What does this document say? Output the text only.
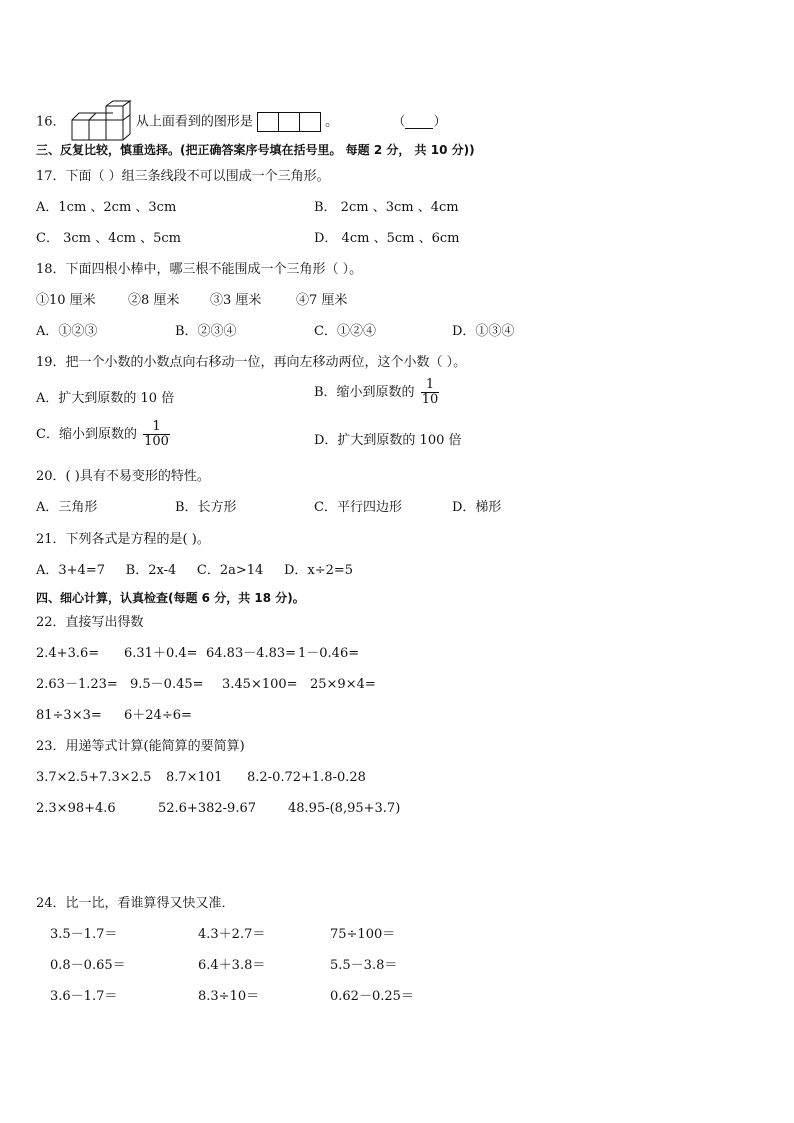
16．	从上面看到的图形是	。	（ ）
三、反复比较，慎重选择。(把正确答案序号填在括号里。 每题 2 分， 共 10 分))
17．下面（ ）组三条线段不可以围成一个三角形。
A．1cm 、2cm 、3cm	B． 2cm 、3cm 、4cm
C． 3cm 、4cm 、5cm	D． 4cm 、5cm 、6cm
18．下面四根小棒中，哪三根不能围成一个三角形（ ）。
①10 厘米 ②8 厘米 ③3 厘米	④7 厘米
A．①②③	B．②③④	C．①②④	D．①③④
19．把一个小数的小数点向右移动一位，再向左移动两位，这个小数（ ）。
A．扩大到原数的 10 倍	B．缩小到原数的 $\frac{1}{10}$
C．缩小到原数的 $\frac{1}{100}$	D．扩大到原数的 100 倍
20．( )具有不易变形的特性。
A．三角形	B．长方形	C．平行四边形	D．梯形
21．下列各式是方程的是( )。
A．3+4=7     B．2x-4     C．2a>14     D．x÷2=5
四、细心计算，认真检查(每题 6 分，共 18 分)。
22．直接写出得数
2.4+3.6= 6.31＋0.4= 64.83－4.83= 1－0.46=
2.63－1.23= 9.5－0.45= 3.45×100= 25×9×4=
81÷3×3= 6＋24÷6=
23．用递等式计算(能简算的要简算)
3.7×2.5+7.3×2.5 8.7×101 8.2-0.72+1.8-0.28
2.3×98+4.6	52.6+382-9.67 48.95-(8,95+3.7)
24．比一比，看谁算得又快又准．
3.5－1.7＝	4.3＋2.7＝	75÷100＝
0.8－0.65＝	6.4＋3.8＝	5.5－3.8＝
3.6－1.7＝	8.3÷10＝	0.62－0.25＝
